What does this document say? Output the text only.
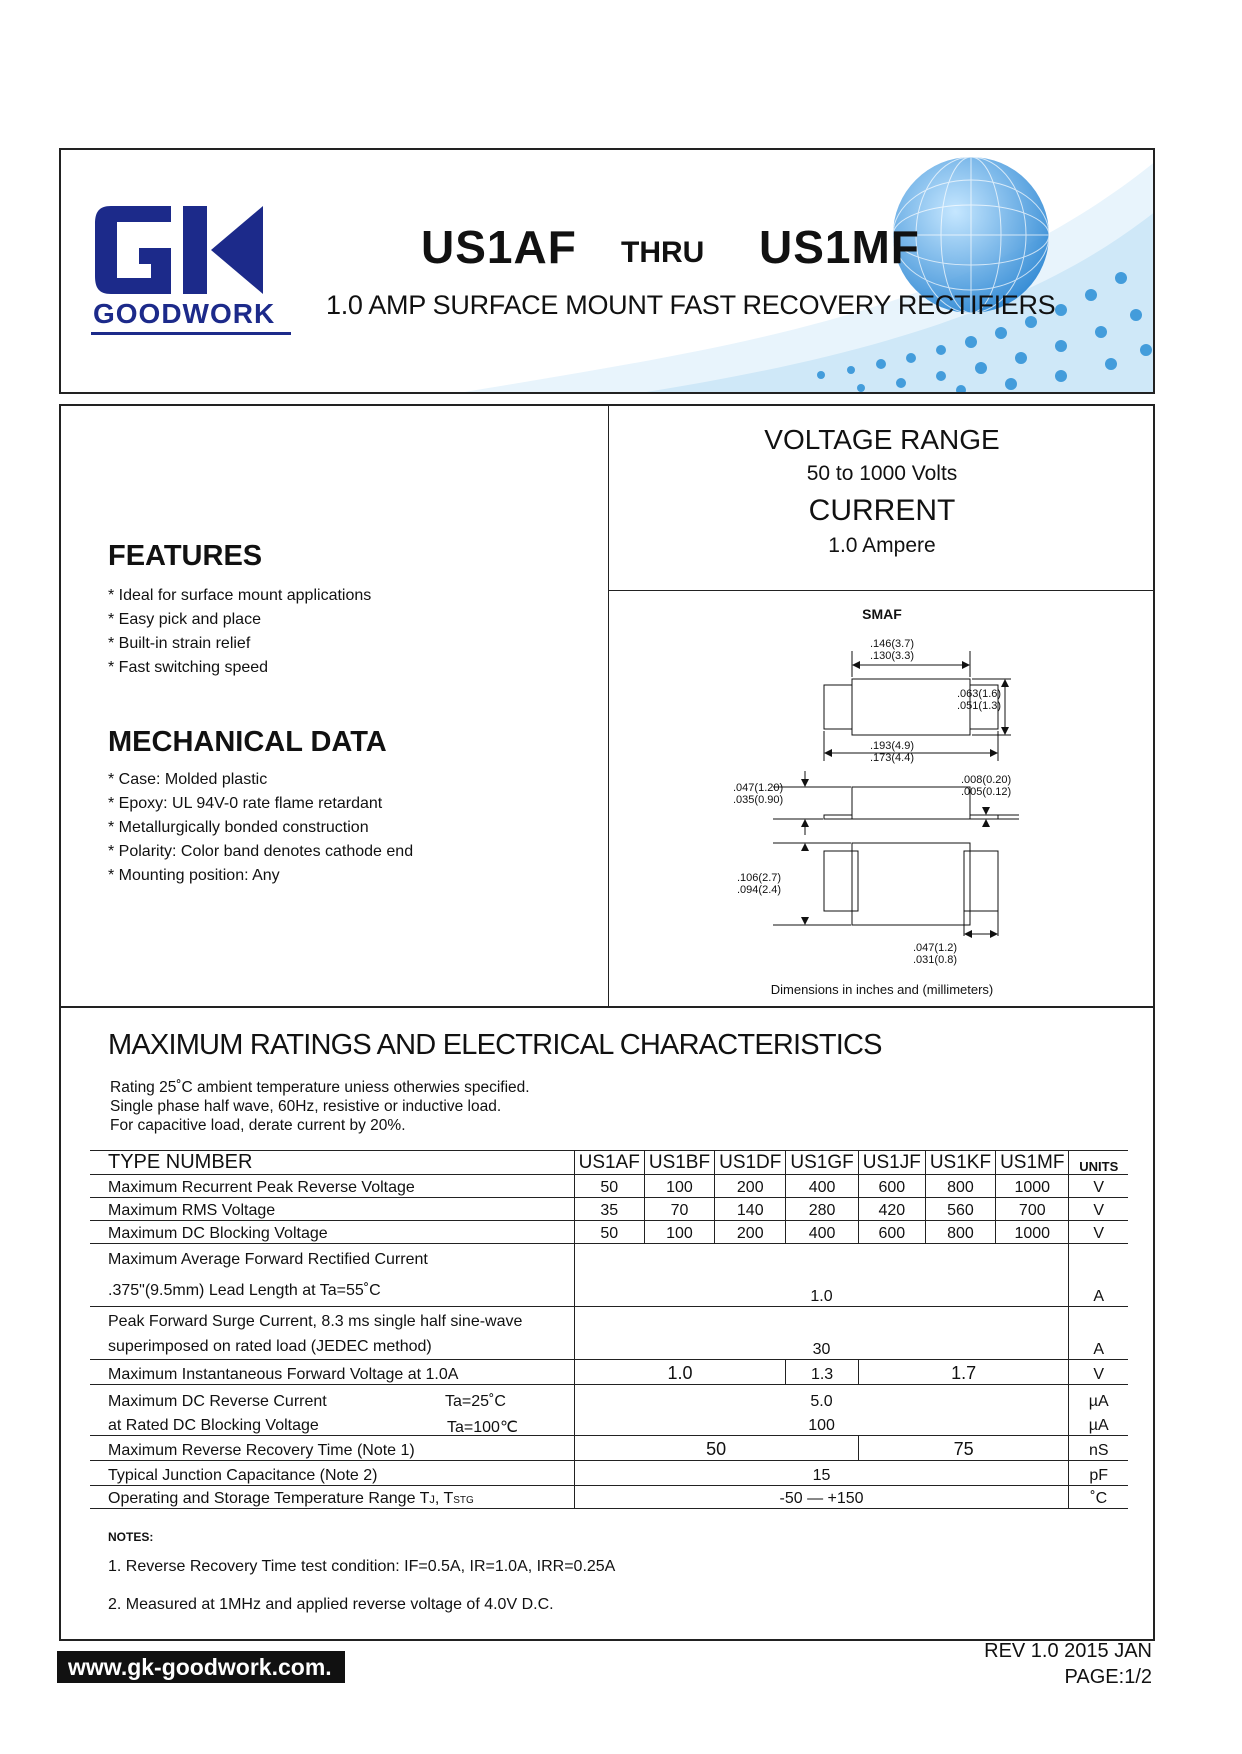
GOODWORK
US1AF THRU US1MF
1.0 AMP SURFACE MOUNT FAST RECOVERY RECTIFIERS
VOLTAGE RANGE
50 to 1000 Volts
CURRENT
1.0 Ampere
FEATURES
* Ideal for surface mount applications
* Easy pick and place
* Built-in strain relief
* Fast switching speed
MECHANICAL DATA
* Case: Molded plastic
* Epoxy: UL 94V-0 rate flame retardant
* Metallurgically bonded construction
* Polarity: Color band denotes cathode end
* Mounting position: Any
SMAF
.146(3.7)
.130(3.3)
.063(1.6)
.051(1.3)
.193(4.9)
.173(4.4)
.047(1.20)
.035(0.90)
.008(0.20)
.005(0.12)
.106(2.7)
.094(2.4)
.047(1.2)
.031(0.8)
Dimensions in inches and (millimeters)
MAXIMUM RATINGS AND ELECTRICAL CHARACTERISTICS
Rating 25˚C ambient temperature uniess otherwies specified.
Single phase half wave, 60Hz, resistive or inductive load.
For capacitive load, derate current by 20%.
TYPE NUMBER	US1AF	US1BF	US1DF	US1GF	US1JF	US1KF	US1MF	UNITS
Maximum Recurrent Peak Reverse Voltage	50	100	200	400	600	800	1000	V
Maximum RMS Voltage	35	70	140	280	420	560	700	V
Maximum DC Blocking Voltage	50	100	200	400	600	800	1000	V

Maximum Average Forward Rectified Current
.375"(9.5mm) Lead Length at Ta=55˚C	1.0							A

Peak Forward Surge Current, 8.3 ms single half sine-wave
superimposed on rated load (JEDEC method)	30							A
Maximum Instantaneous Forward Voltage at 1.0A	1.0			1.3	1.7			V
Maximum DC Reverse Current Ta=25˚C	5.0							µA
at Rated DC Blocking Voltage Ta=100℃	100							µA
Maximum Reverse Recovery Time (Note 1)	50				75			nS
Typical Junction Capacitance (Note 2)	15							pF
Operating and Storage Temperature Range TJ, TSTG	-50 — +150							˚C
NOTES:
1. Reverse Recovery Time test condition: IF=0.5A, IR=1.0A, IRR=0.25A
2. Measured at 1MHz and applied reverse voltage of 4.0V D.C.
www.gk-goodwork.com.
REV 1.0 2015 JAN
PAGE:1/2
